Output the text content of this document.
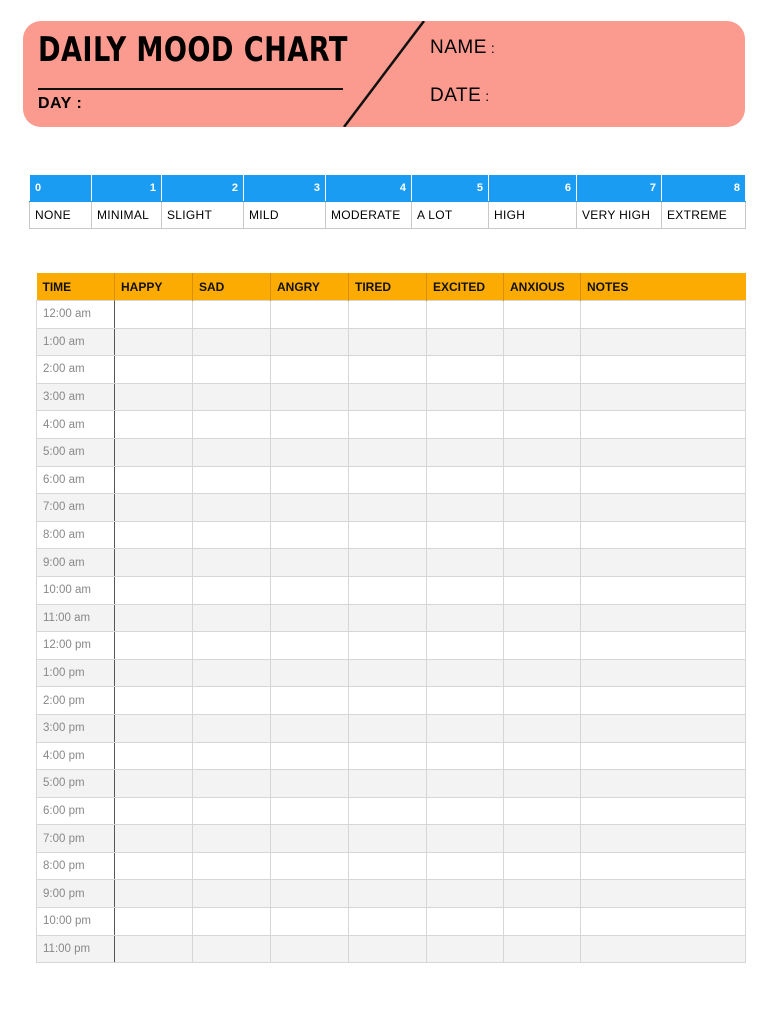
DAILY MOOD CHART
DAY :
NAME :
DATE :
0	1	2	3	4	5	6	7	8
NONE	MINIMAL	SLIGHT	MILD	MODERATE	A LOT	HIGH	VERY HIGH	EXTREME
TIME	HAPPY	SAD	ANGRY	TIRED	EXCITED	ANXIOUS	NOTES
12:00 am							
1:00 am							
2:00 am							
3:00 am							
4:00 am							
5:00 am							
6:00 am							
7:00 am							
8:00 am							
9:00 am							
10:00 am							
11:00 am							
12:00 pm							
1:00 pm							
2:00 pm							
3:00 pm							
4:00 pm							
5:00 pm							
6:00 pm							
7:00 pm							
8:00 pm							
9:00 pm							
10:00 pm							
11:00 pm							
